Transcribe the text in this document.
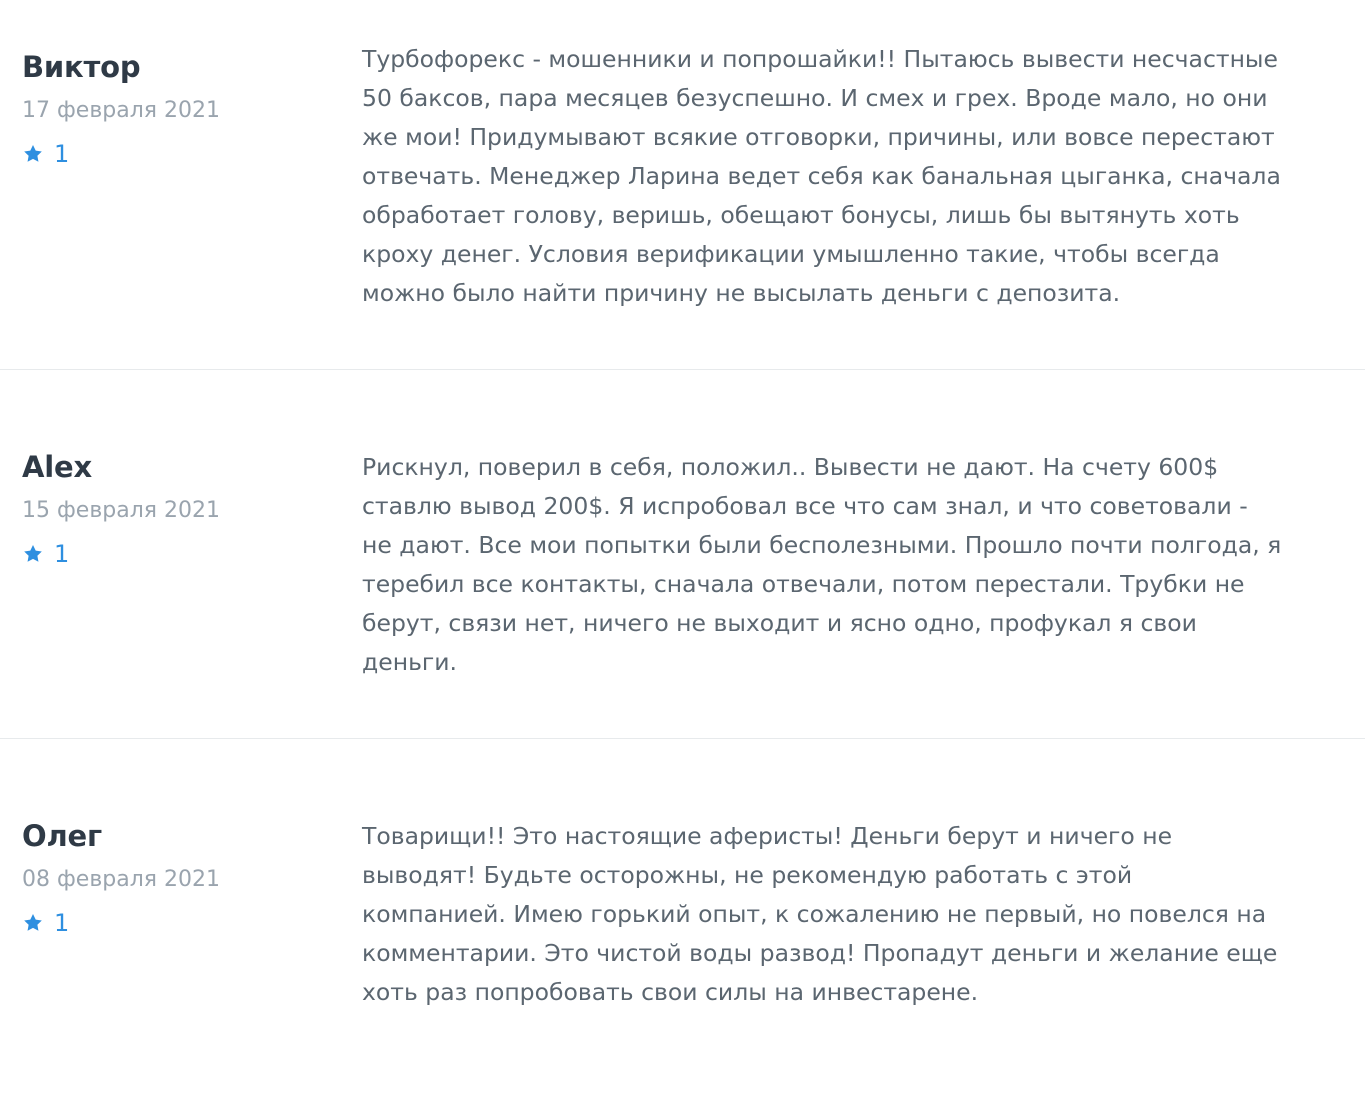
Виктор
17 февраля 2021
1

Турбофорекс - мошенники и попрошайки!! Пытаюсь вывести несчастные 50 баксов, пара месяцев безуспешно. И смех и грех. Вроде мало, но они же мои! Придумывают всякие отговорки, причины, или вовсе перестают отвечать. Менеджер Ларина ведет себя как банальная цыганка, сначала обработает голову, веришь, обещают бонусы, лишь бы вытянуть хоть кроху денег. Условия верификации умышленно такие, чтобы всегда можно было найти причину не высылать деньги с депозита.

Alex
15 февраля 2021
1

Рискнул, поверил в себя, положил.. Вывести не дают. На счету 600$ ставлю вывод 200$. Я испробовал все что сам знал, и что советовали - не дают. Все мои попытки были бесполезными. Прошло почти полгода, я теребил все контакты, сначала отвечали, потом перестали. Трубки не берут, связи нет, ничего не выходит и ясно одно, профукал я свои деньги.

Олег
08 февраля 2021
1

Товарищи!! Это настоящие аферисты! Деньги берут и ничего не выводят! Будьте осторожны, не рекомендую работать с этой компанией. Имею горький опыт, к сожалению не первый, но повелся на комментарии. Это чистой воды развод! Пропадут деньги и желание еще хоть раз попробовать свои силы на инвестарене.
